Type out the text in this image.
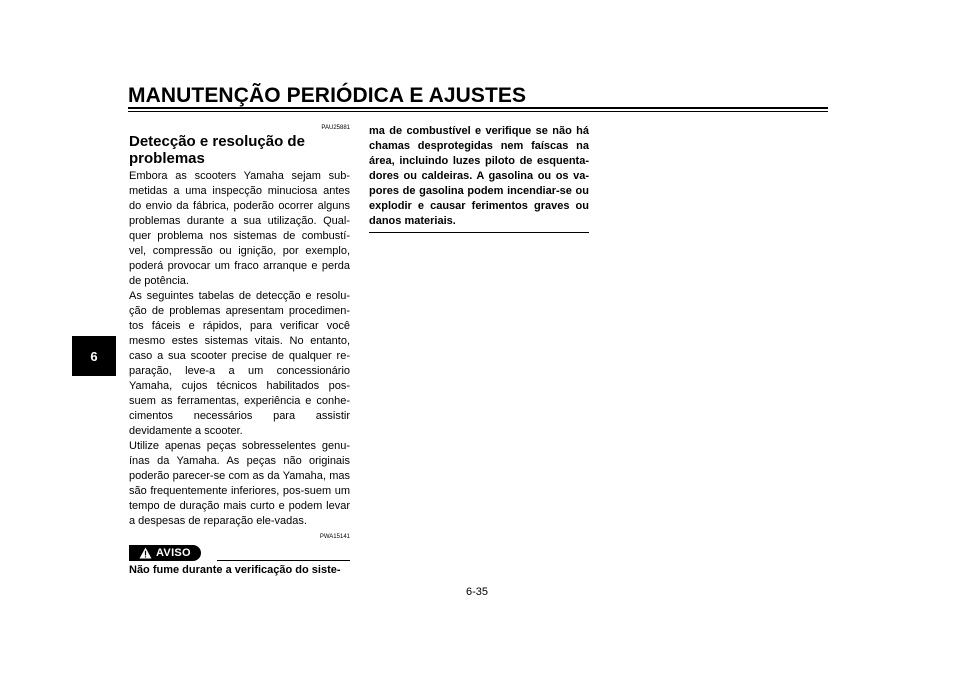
MANUTENÇÃO PERIÓDICA E AJUSTES
6
PAU25881
Detecção e resolução de problemas

Embora as scooters Yamaha sejam sub-metidas a uma inspecção minuciosa antes do envio da fábrica, poderão ocorrer alguns problemas durante a sua utilização. Qual-quer problema nos sistemas de combustí-vel, compressão ou ignição, por exemplo, poderá provocar um fraco arranque e perda de potência.

As seguintes tabelas de detecção e resolu-ção de problemas apresentam procedimen-tos fáceis e rápidos, para verificar você mesmo estes sistemas vitais. No entanto, caso a sua scooter precise de qualquer re-paração, leve-a a um concessionário Yamaha, cujos técnicos habilitados pos-suem as ferramentas, experiência e conhe-cimentos necessários para assistir devidamente a scooter.

Utilize apenas peças sobresselentes genu-ínas da Yamaha. As peças não originais poderão parecer-se com as da Yamaha, mas são frequentemente inferiores, pos-suem um tempo de duração mais curto e podem levar a despesas de reparação ele-vadas.

PWA15141
AVISO

Não fume durante a verificação do siste-

ma de combustível e verifique se não há chamas desprotegidas nem faíscas na área, incluindo luzes piloto de esquenta-dores ou caldeiras. A gasolina ou os va-pores de gasolina podem incendiar-se ou explodir e causar ferimentos graves ou danos materiais.

6-35
